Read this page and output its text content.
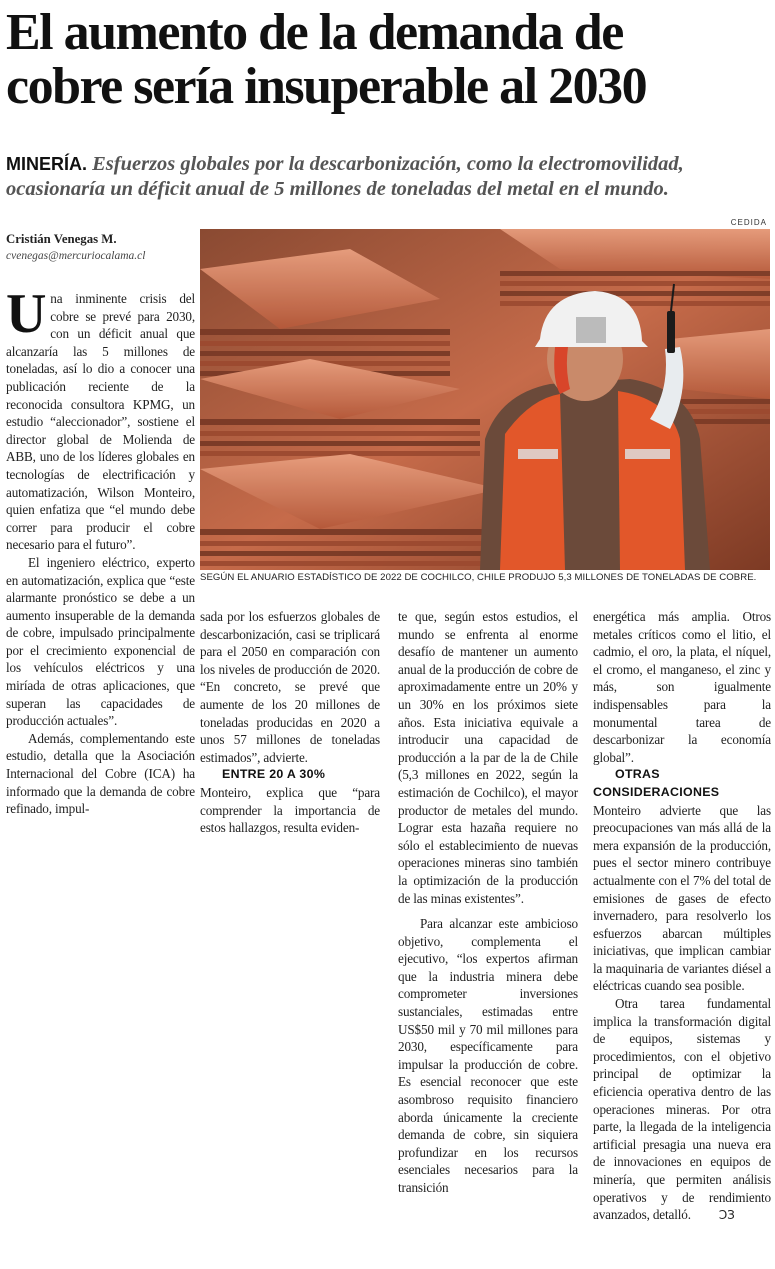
El aumento de la demanda de
cobre sería insuperable al 2030
MINERÍA. Esfuerzos globales por la descarbonización, como la electromovilidad, ocasionaría un déficit anual de 5 millones de toneladas del metal en el mundo.
CEDIDA
SEGÚN EL ANUARIO ESTADÍSTICO DE 2022 DE COCHILCO, CHILE PRODUJO 5,3 MILLONES DE TONELADAS DE COBRE.
Cristián Venegas M.
cvenegas@mercuriocalama.cl

Una inminente crisis del cobre se prevé para 2030, con un déficit anual que alcanzaría las 5 millones de toneladas, así lo dio a conocer una publicación reciente de la reconocida consultora KPMG, un estudio “aleccionador”, sostiene el director global de Molienda de ABB, uno de los líderes globales en tecnologías de electrificación y automatización, Wilson Monteiro, quien enfatiza que “el mundo debe correr para producir el cobre necesario para el futuro”.

El ingeniero eléctrico, experto en automatización, explica que “este alarmante pronóstico se debe a un aumento insuperable de la demanda de cobre, impulsado principalmente por el crecimiento exponencial de los vehículos eléctricos y una miríada de otras aplicaciones, que superan las capacidades de producción actuales”.

Además, complementando este estudio, detalla que la Asociación Internacional del Cobre (ICA) ha informado que la demanda de cobre refinado, impul-

sada por los esfuerzos globales de descarbonización, casi se triplicará para el 2050 en comparación con los niveles de producción de 2020. “En concreto, se prevé que aumente de los 20 millones de toneladas producidas en 2020 a unos 57 millones de toneladas estimados”, advierte.

ENTRE 20 A 30%

Monteiro, explica que “para comprender la importancia de estos hallazgos, resulta eviden-

te que, según estos estudios, el mundo se enfrenta al enorme desafío de mantener un aumento anual de la producción de cobre de aproximadamente entre un 20% y un 30% en los próximos siete años. Esta iniciativa equivale a introducir una capacidad de producción a la par de la de Chile (5,3 millones en 2022, según la estimación de Cochilco), el mayor productor de metales del mundo. Lograr esta hazaña requiere no sólo el establecimiento de nuevas operaciones mineras sino también la optimización de la producción de las minas existentes”.

Para alcanzar este ambicioso objetivo, complementa el ejecutivo, “los expertos afirman que la industria minera debe comprometer inversiones sustanciales, estimadas entre US$50 mil y 70 mil millones para 2030, específicamente para impulsar la producción de cobre. Es esencial reconocer que este asombroso requisito financiero aborda únicamente la creciente demanda de cobre, sin siquiera profundizar en los recursos esenciales necesarios para la transición

energética más amplia. Otros metales críticos como el litio, el cadmio, el oro, la plata, el níquel, el cromo, el manganeso, el zinc y más, son igualmente indispensables para la monumental tarea de descarbonizar la economía global”.

OTRAS CONSIDERACIONES

Monteiro advierte que las preocupaciones van más allá de la mera expansión de la producción, pues el sector minero contribuye actualmente con el 7% del total de emisiones de gases de efecto invernadero, para resolverlo los esfuerzos abarcan múltiples iniciativas, que implican cambiar la maquinaria de variantes diésel a eléctricas cuando sea posible.

Otra tarea fundamental implica la transformación digital de equipos, sistemas y procedimientos, con el objetivo principal de optimizar la eficiencia operativa dentro de las operaciones mineras. Por otra parte, la llegada de la inteligencia artificial presagia una nueva era de innovaciones en equipos de minería, que permiten análisis operativos y de rendimiento avanzados, detalló. ↃЗ
